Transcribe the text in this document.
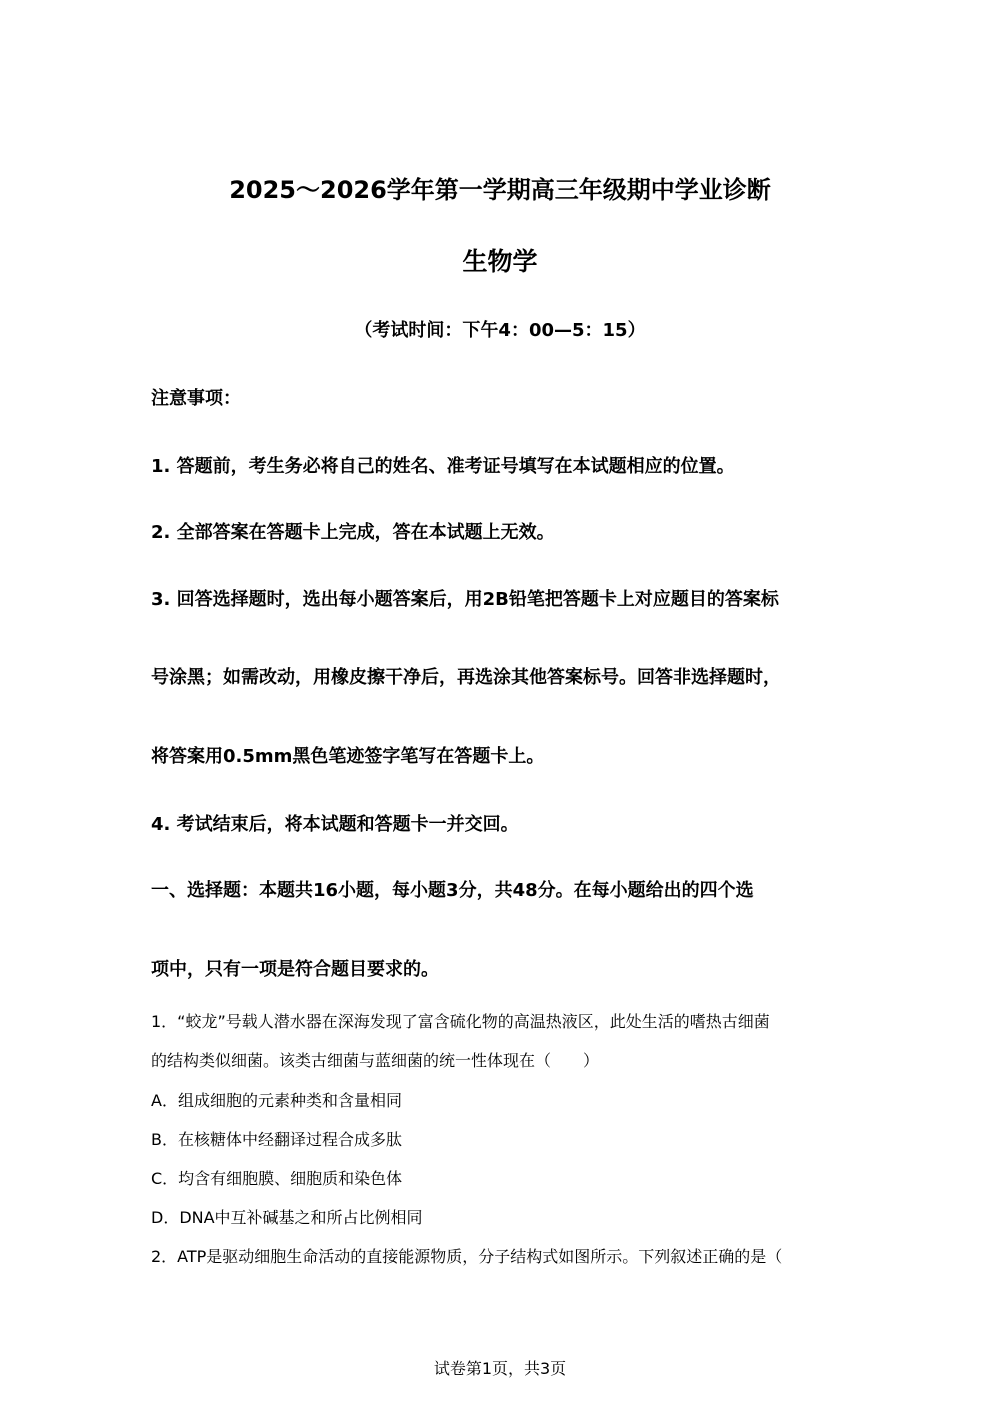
2025～2026学年第一学期高三年级期中学业诊断
生物学
（考试时间：下午4：00—5：15）
注意事项：
1. 答题前，考生务必将自己的姓名、准考证号填写在本试题相应的位置。
2. 全部答案在答题卡上完成，答在本试题上无效。
3. 回答选择题时，选出每小题答案后，用2B铅笔把答题卡上对应题目的答案标
号涂黑；如需改动，用橡皮擦干净后，再选涂其他答案标号。回答非选择题时，
将答案用0.5mm黑色笔迹签字笔写在答题卡上。
4. 考试结束后，将本试题和答题卡一并交回。
一、选择题：本题共16小题，每小题3分，共48分。在每小题给出的四个选
项中，只有一项是符合题目要求的。
1．“蛟龙”号载人潜水器在深海发现了富含硫化物的高温热液区，此处生活的嗜热古细菌
的结构类似细菌。该类古细菌与蓝细菌的统一性体现在（　　）
A．组成细胞的元素种类和含量相同
B．在核糖体中经翻译过程合成多肽
C．均含有细胞膜、细胞质和染色体
D．DNA中互补碱基之和所占比例相同
2．ATP是驱动细胞生命活动的直接能源物质，分子结构式如图所示。下列叙述正确的是（
试卷第1页，共3页
